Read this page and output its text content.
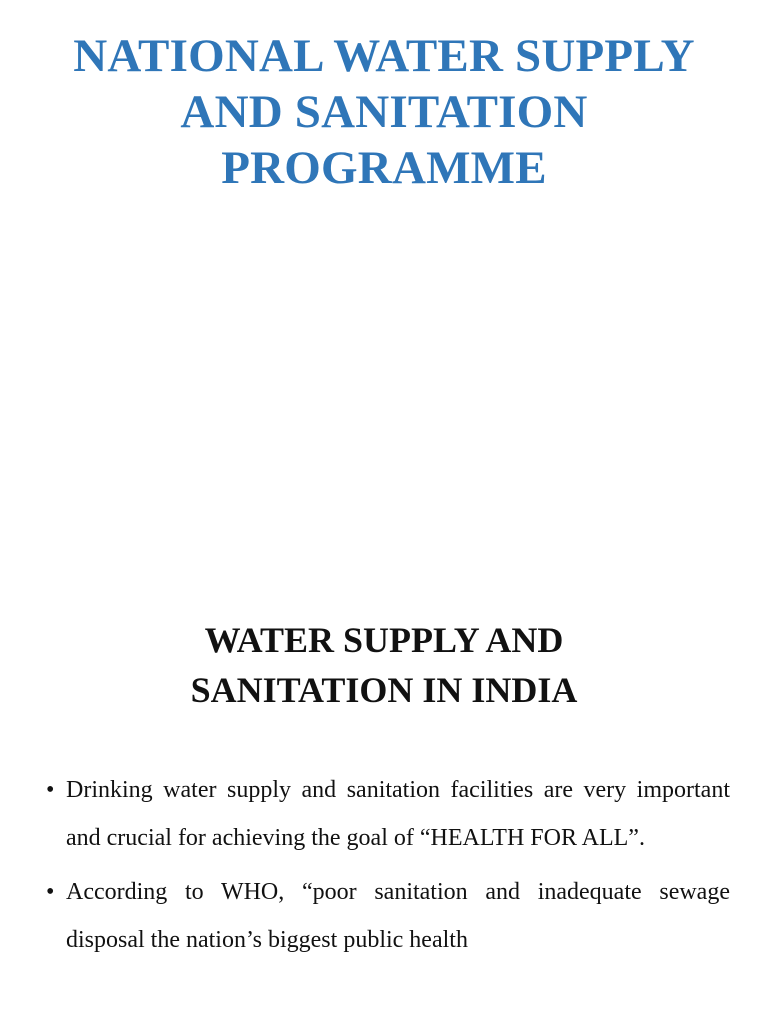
NATIONAL WATER SUPPLY
AND SANITATION
PROGRAMME
WATER SUPPLY AND
SANITATION IN INDIA
• Drinking water supply and sanitation facilities are very important and crucial for achieving the goal of “HEALTH FOR ALL”.
• According to WHO, “poor sanitation and inadequate sewage disposal the nation’s biggest public health
